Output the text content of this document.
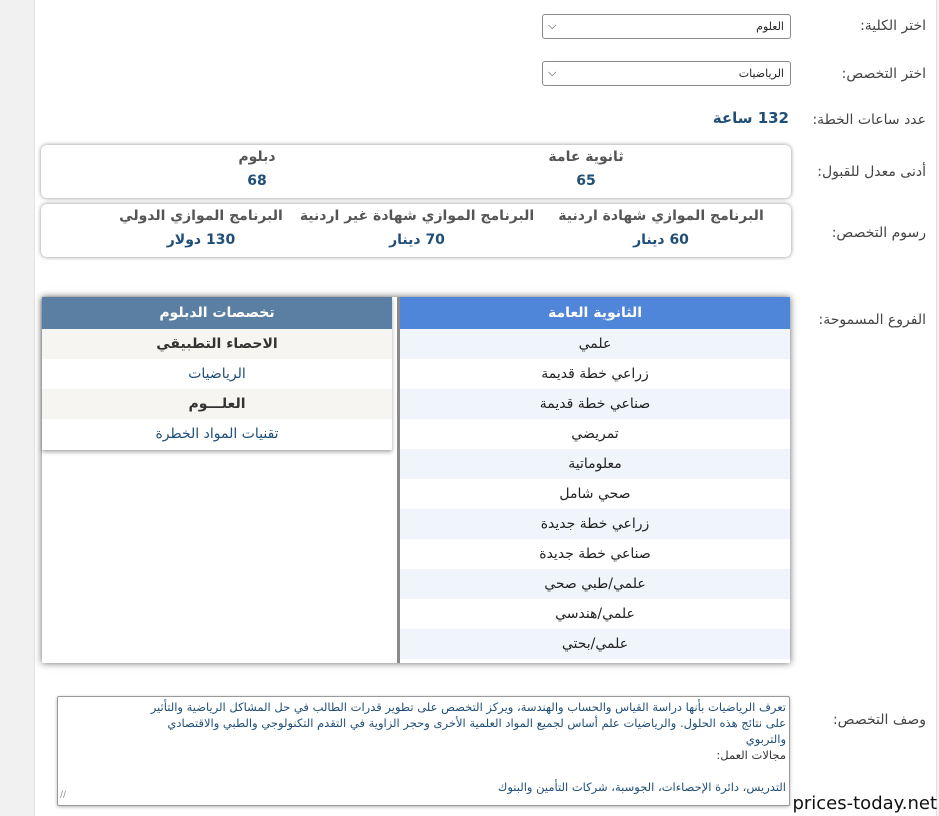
اختر الكلية:
العلوم
⌵
اختر التخصص:
الرياضيات
⌵
عدد ساعات الخطة:
132 ساعة
أدنى معدل للقبول:
ثانوية عامة
65
دبلوم
68
رسوم التخصص:
البرنامج الموازي شهادة اردنية
60 دينار
البرنامج الموازي شهادة غير اردنية
70 دينار
البرنامج الموازي الدولي
130 دولار
الفروع المسموحة:
الثانوية العامة
علمي
زراعي خطة قديمة
صناعي خطة قديمة
تمريضي
معلوماتية
صحي شامل
زراعي خطة جديدة
صناعي خطة جديدة
علمي/طبي صحي
علمي/هندسي
علمي/بحتي
تخصصات الدبلوم
الاحصاء التطبيقي
الرياضيات
العلـــوم
تقنيات المواد الخطرة
وصف التخصص:
تعرف الرياضيات بأنها دراسة القياس والحساب والهندسة، ويركز التخصص على تطوير قدرات الطالب في حل المشاكل الرياضية والتأثير
على نتائج هذه الحلول. والرياضيات علم أساس لجميع المواد العلمية الأخرى وحجر الزاوية في التقدم التكنولوجي والطبي والاقتصادي
والتربوي
مجالات العمل:
التدريس، دائرة الإحصاءات، الجوسبة، شركات التأمين والبنوك
∕∕	prices-today.net
